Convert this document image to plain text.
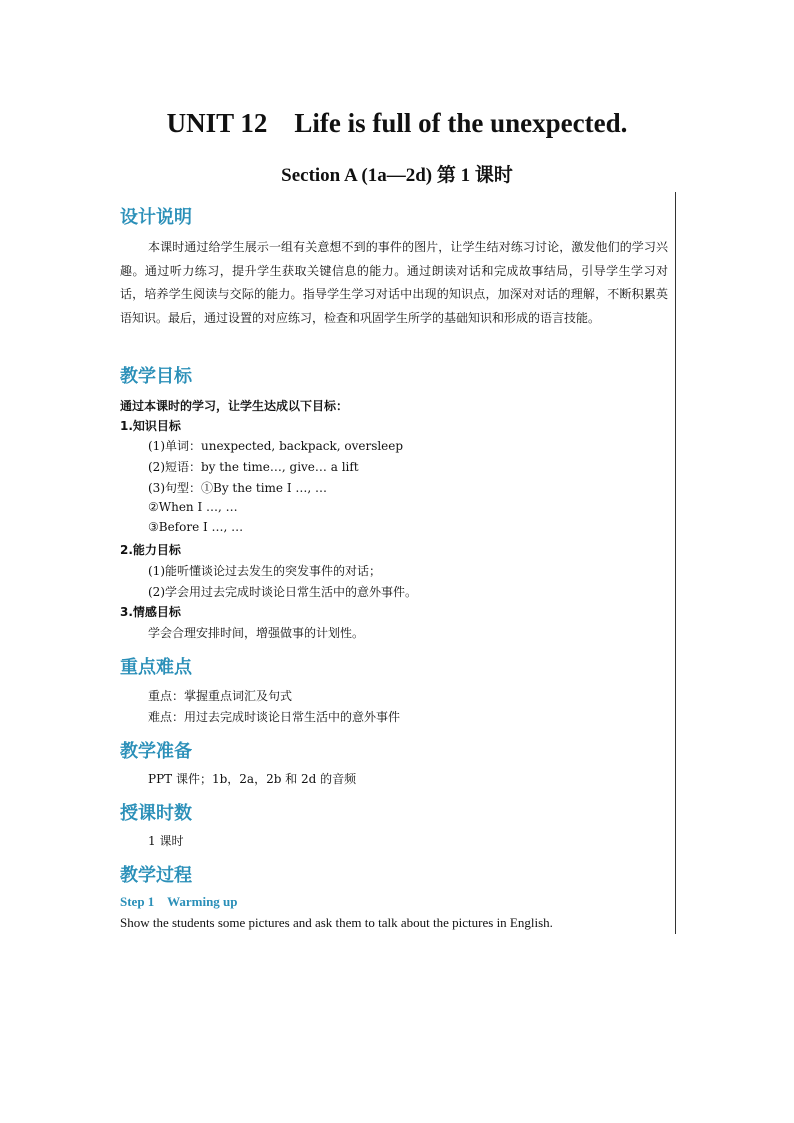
UNIT 12    Life is full of the unexpected.
Section A (1a—2d) 第 1 课时
设计说明
本课时通过给学生展示一组有关意想不到的事件的图片，让学生结对练习讨论，激发他们的学习兴趣。通过听力练习，提升学生获取关键信息的能力。通过朗读对话和完成故事结局，引导学生学习对话，培养学生阅读与交际的能力。指导学生学习对话中出现的知识点，加深对对话的理解，不断积累英语知识。最后，通过设置的对应练习，检查和巩固学生所学的基础知识和形成的语言技能。
教学目标
通过本课时的学习，让学生达成以下目标：
1.知识目标
(1)单词：unexpected, backpack, oversleep
(2)短语：by the time…, give… a lift
(3)句型：①By the time I …, …
②When I …, …
③Before I …, …
2.能力目标
(1)能听懂谈论过去发生的突发事件的对话；
(2)学会用过去完成时谈论日常生活中的意外事件。
3.情感目标
学会合理安排时间，增强做事的计划性。
重点难点
重点：掌握重点词汇及句式
难点：用过去完成时谈论日常生活中的意外事件
教学准备
PPT 课件；1b，2a，2b 和 2d 的音频
授课时数
1 课时
教学过程
Step 1    Warming up
Show the students some pictures and ask them to talk about the pictures in English.
